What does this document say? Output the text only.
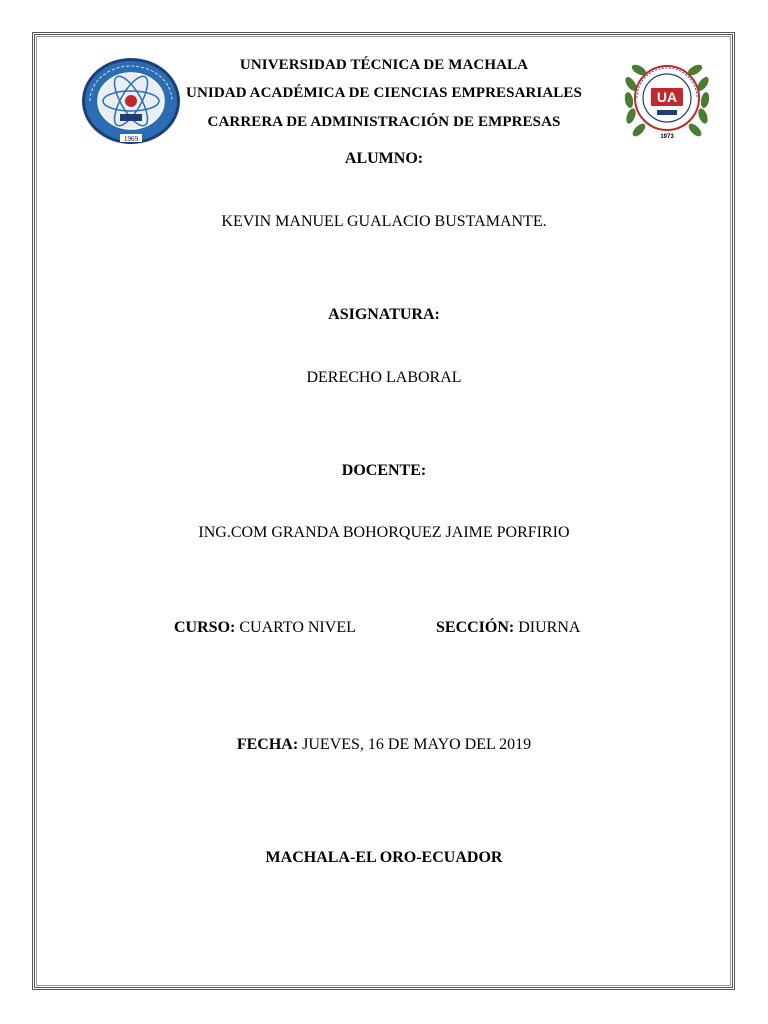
1969
UA
1973
UNIVERSIDAD TÉCNICA DE MACHALA
UNIDAD ACADÉMICA DE CIENCIAS EMPRESARIALES
CARRERA DE ADMINISTRACIÓN DE EMPRESAS
ALUMNO:
KEVIN MANUEL GUALACIO BUSTAMANTE.
ASIGNATURA:
DERECHO LABORAL
DOCENTE:
ING.COM GRANDA BOHORQUEZ JAIME PORFIRIO
CURSO: CUARTO NIVEL	SECCIÓN: DIURNA
FECHA: JUEVES, 16 DE MAYO DEL 2019
MACHALA-EL ORO-ECUADOR
